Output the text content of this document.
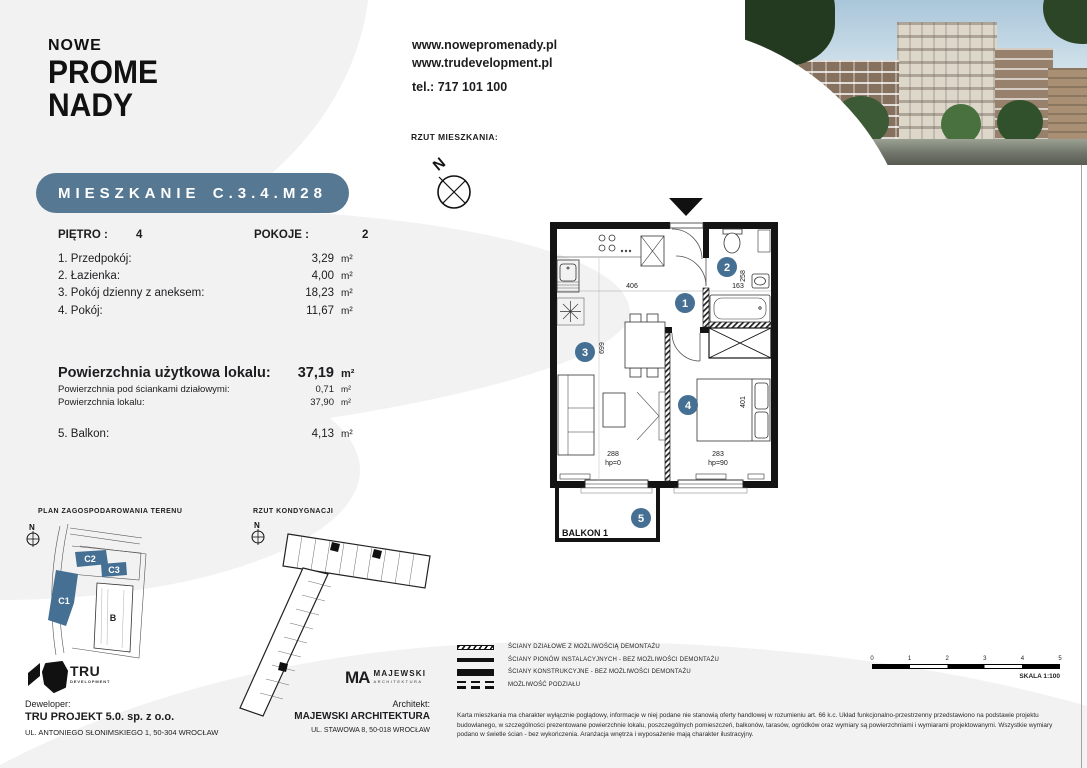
NOWE
PROME
NADY
www.nowepromenady.pl
www.trudevelopment.pl
tel.: 717 101 100
RZUT MIESZKANIA:
N
MIESZKANIE C.3.4.M28
PIĘTRO : 4	POKOJE :	2
1. Przedpokój:	3,29 m²
2. Łazienka:	4,00 m²
3. Pokój dzienny z aneksem:	18,23 m²
4. Pokój:	11,67 m²
Powierzchnia użytkowa lokalu:	37,19 m²
Powierzchnia pod ściankami działowymi:	0,71 m²
Powierzchnia lokalu:	37,90 m²
5. Balkon:	4,13 m²
406	163
258
699
401
288
hp=0
283
hp=90
1
2
3
4
5
BALKON 1
PLAN ZAGOSPODAROWANIA TERENU
N
C2
C3
C1
B
RZUT KONDYGNACJI
N
TRU
DEVELOPMENT
Deweloper:
TRU PROJEKT 5.0. sp. z o.o.
UL. ANTONIEGO SŁONIMSKIEGO 1, 50-304 WROCŁAW
MA MAJEWSKI
ARCHITEKTURA
Architekt:
MAJEWSKI ARCHITEKTURA
UL. STAWOWA 8, 50-018 WROCŁAW
ŚCIANY DZIAŁOWE Z MOŻLIWOŚCIĄ DEMONTAŻU
ŚCIANY PIONÓW INSTALACYJNYCH - BEZ MOŻLIWOŚCI DEMONTAŻU
ŚCIANY KONSTRUKCYJNE - BEZ MOŻLIWOŚCI DEMONTAŻU
MOŻLIWOŚĆ PODZIAŁU
Karta mieszkania ma charakter wyłącznie poglądowy, informacje w niej podane nie stanowią oferty handlowej w rozumieniu art. 66 k.c. Układ funkcjonalno-przestrzenny przedstawiono na podstawie projektu budowlanego, w szczególności prezentowane powierzchnie lokalu, poszczególnych pomieszczeń, balkonów, tarasów, ogródków oraz wymiary są powierzchniami i wymiarami projektowanymi. Wszystkie wymiary podano w świetle ścian - bez wykończenia. Aranżacja wnętrza i wyposażenie mają charakter ilustracyjny.
0	1	2	3	4	5
SKALA 1:100
